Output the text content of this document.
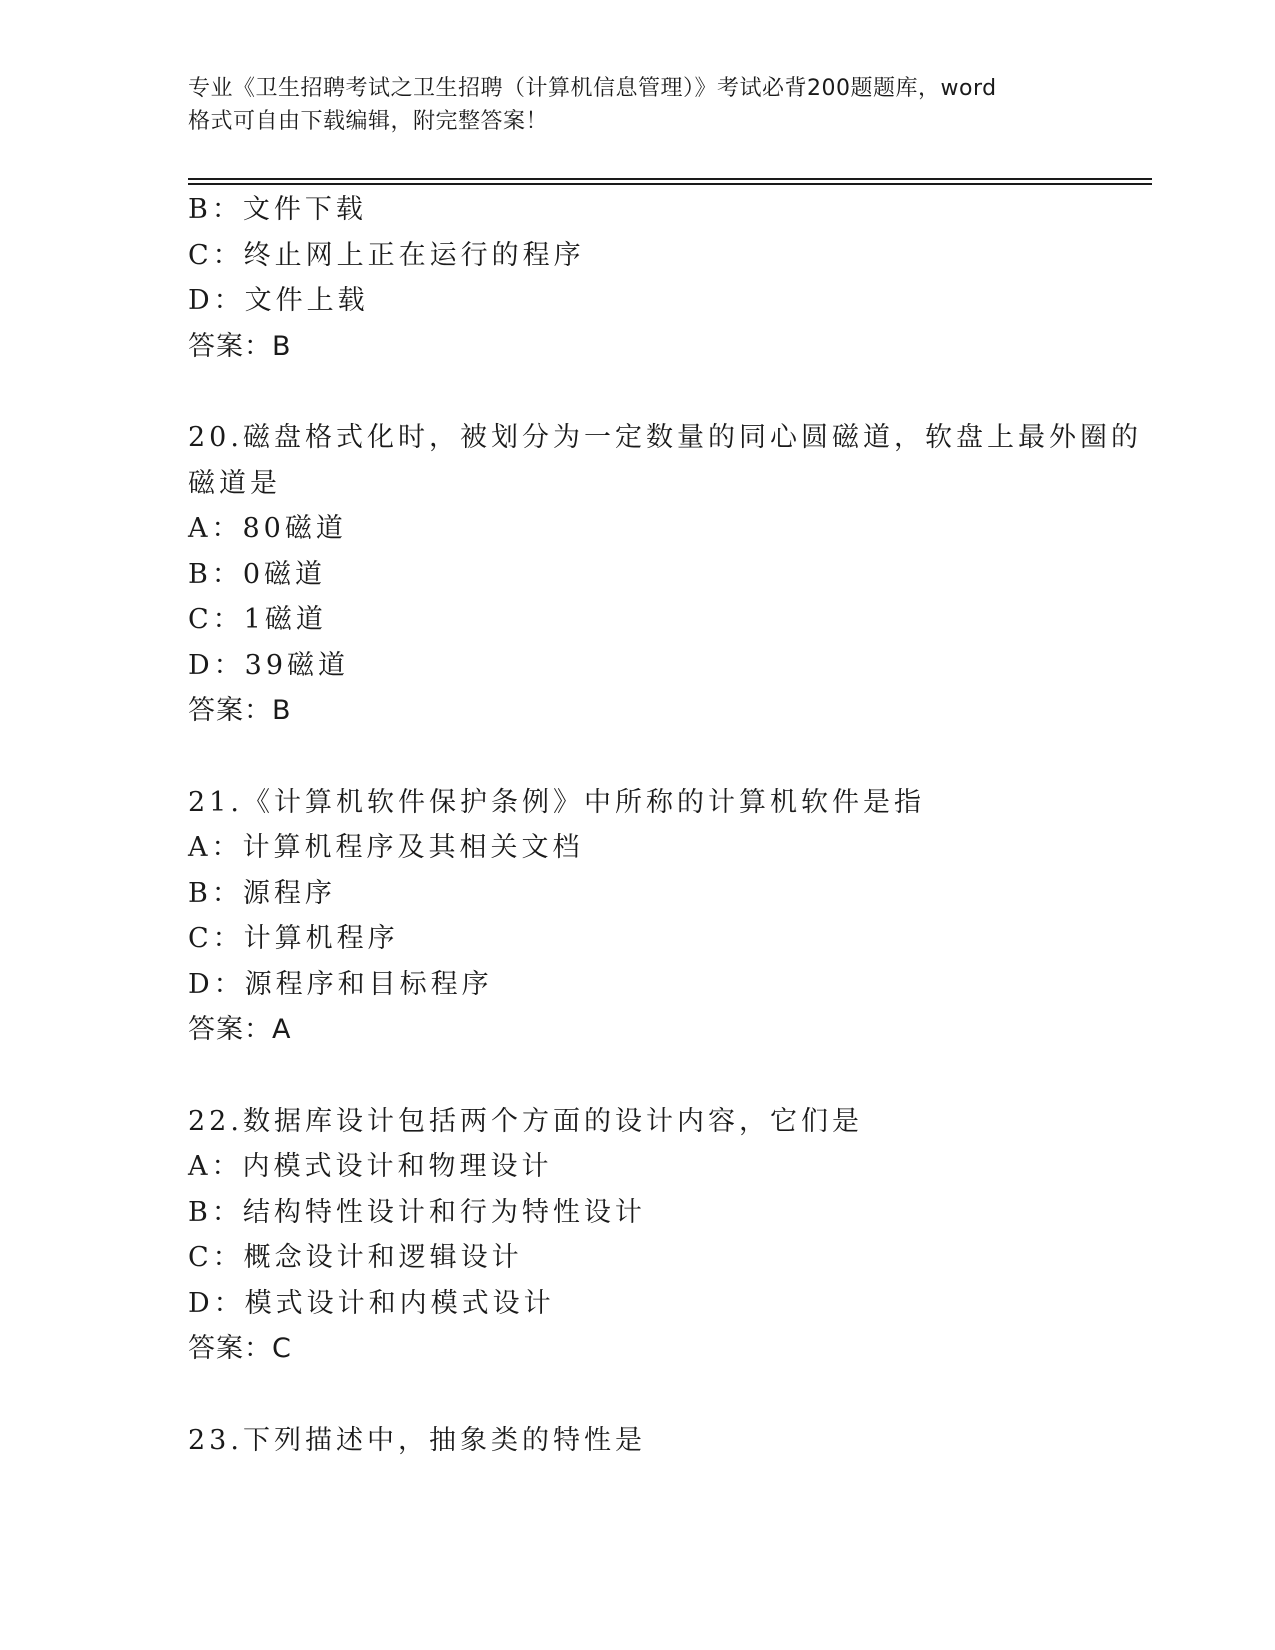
专业《卫生招聘考试之卫生招聘（计算机信息管理）》考试必背200题题库，word
格式可自由下载编辑，附完整答案！
B：文件下载
C：终止网上正在运行的程序
D：文件上载
答案：B
20.磁盘格式化时，被划分为一定数量的同心圆磁道，软盘上最外圈的
磁道是
A：80磁道
B：0磁道
C：1磁道
D：39磁道
答案：B
21.《计算机软件保护条例》中所称的计算机软件是指
A：计算机程序及其相关文档
B：源程序
C：计算机程序
D：源程序和目标程序
答案：A
22.数据库设计包括两个方面的设计内容，它们是
A：内模式设计和物理设计
B：结构特性设计和行为特性设计
C：概念设计和逻辑设计
D：模式设计和内模式设计
答案：C
23.下列描述中，抽象类的特性是
